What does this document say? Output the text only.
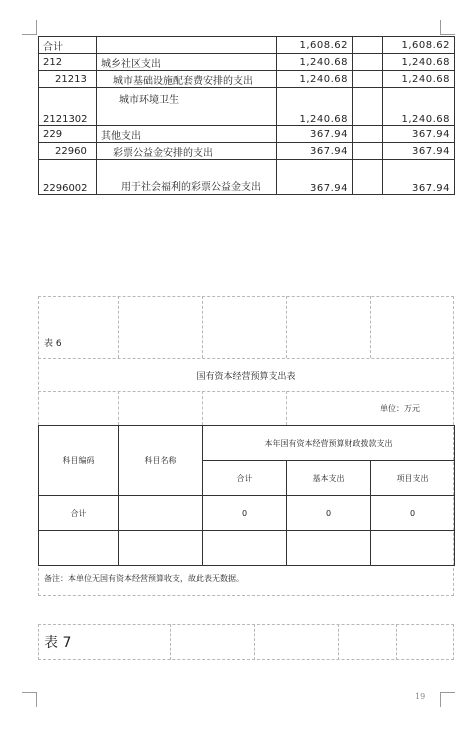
合计		1,608.62		1,608.62
212	城乡社区支出	1,240.68		1,240.68
21213	城市基础设施配套费安排的支出	1,240.68		1,240.68
2121302	城市环境卫生	1,240.68		1,240.68
229	其他支出	367.94		367.94
22960	彩票公益金安排的支出	367.94		367.94
2296002	用于社会福利的彩票公益金支出	367.94		367.94
表 6
国有资本经营预算支出表
单位：万元
科目编码	科目名称	本年国有资本经营预算财政拨款支出		
		合计	基本支出	项目支出
合计		0	0	0

备注：本单位无国有资本经营预算收支，故此表无数据。
表 7
19
